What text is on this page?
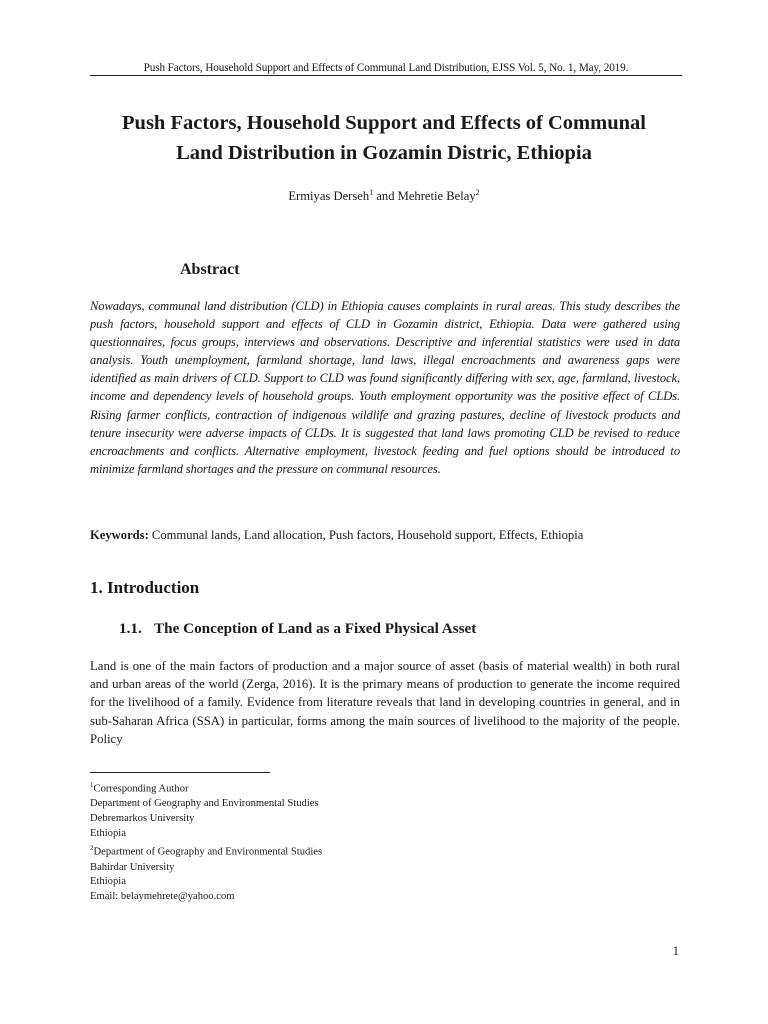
Push Factors, Household Support and Effects of Communal Land Distribution, EJSS Vol. 5, No. 1, May, 2019.
Push Factors, Household Support and Effects of Communal
Land Distribution in Gozamin Distric, Ethiopia
Ermiyas Derseh$^1$ and Mehretie Belay$^2$
Abstract
Nowadays, communal land distribution (CLD) in Ethiopia causes complaints in rural areas. This study describes the push factors, household support and effects of CLD in Gozamin district, Ethiopia. Data were gathered using questionnaires, focus groups, interviews and observations. Descriptive and inferential statistics were used in data analysis. Youth unemployment, farmland shortage, land laws, illegal encroachments and awareness gaps were identified as main drivers of CLD. Support to CLD was found significantly differing with sex, age, farmland, livestock, income and dependency levels of household groups. Youth employment opportunity was the positive effect of CLDs. Rising farmer conflicts, contraction of indigenous wildlife and grazing pastures, decline of livestock products and tenure insecurity were adverse impacts of CLDs. It is suggested that land laws promoting CLD be revised to reduce encroachments and conflicts. Alternative employment, livestock feeding and fuel options should be introduced to minimize farmland shortages and the pressure on communal resources.
Keywords: Communal lands, Land allocation, Push factors, Household support, Effects, Ethiopia
1. Introduction
1.1. The Conception of Land as a Fixed Physical Asset
Land is one of the main factors of production and a major source of asset (basis of material wealth) in both rural and urban areas of the world (Zerga, 2016). It is the primary means of production to generate the income required for the livelihood of a family. Evidence from literature reveals that land in developing countries in general, and in sub-Saharan Africa (SSA) in particular, forms among the main sources of livelihood to the majority of the people. Policy
$^1$Corresponding Author
Department of Geography and Environmental Studies
Debremarkos University
Ethiopia
$^2$Department of Geography and Environmental Studies
Bahirdar University
Ethiopia
Email: belaymehrete@yahoo.com
1
